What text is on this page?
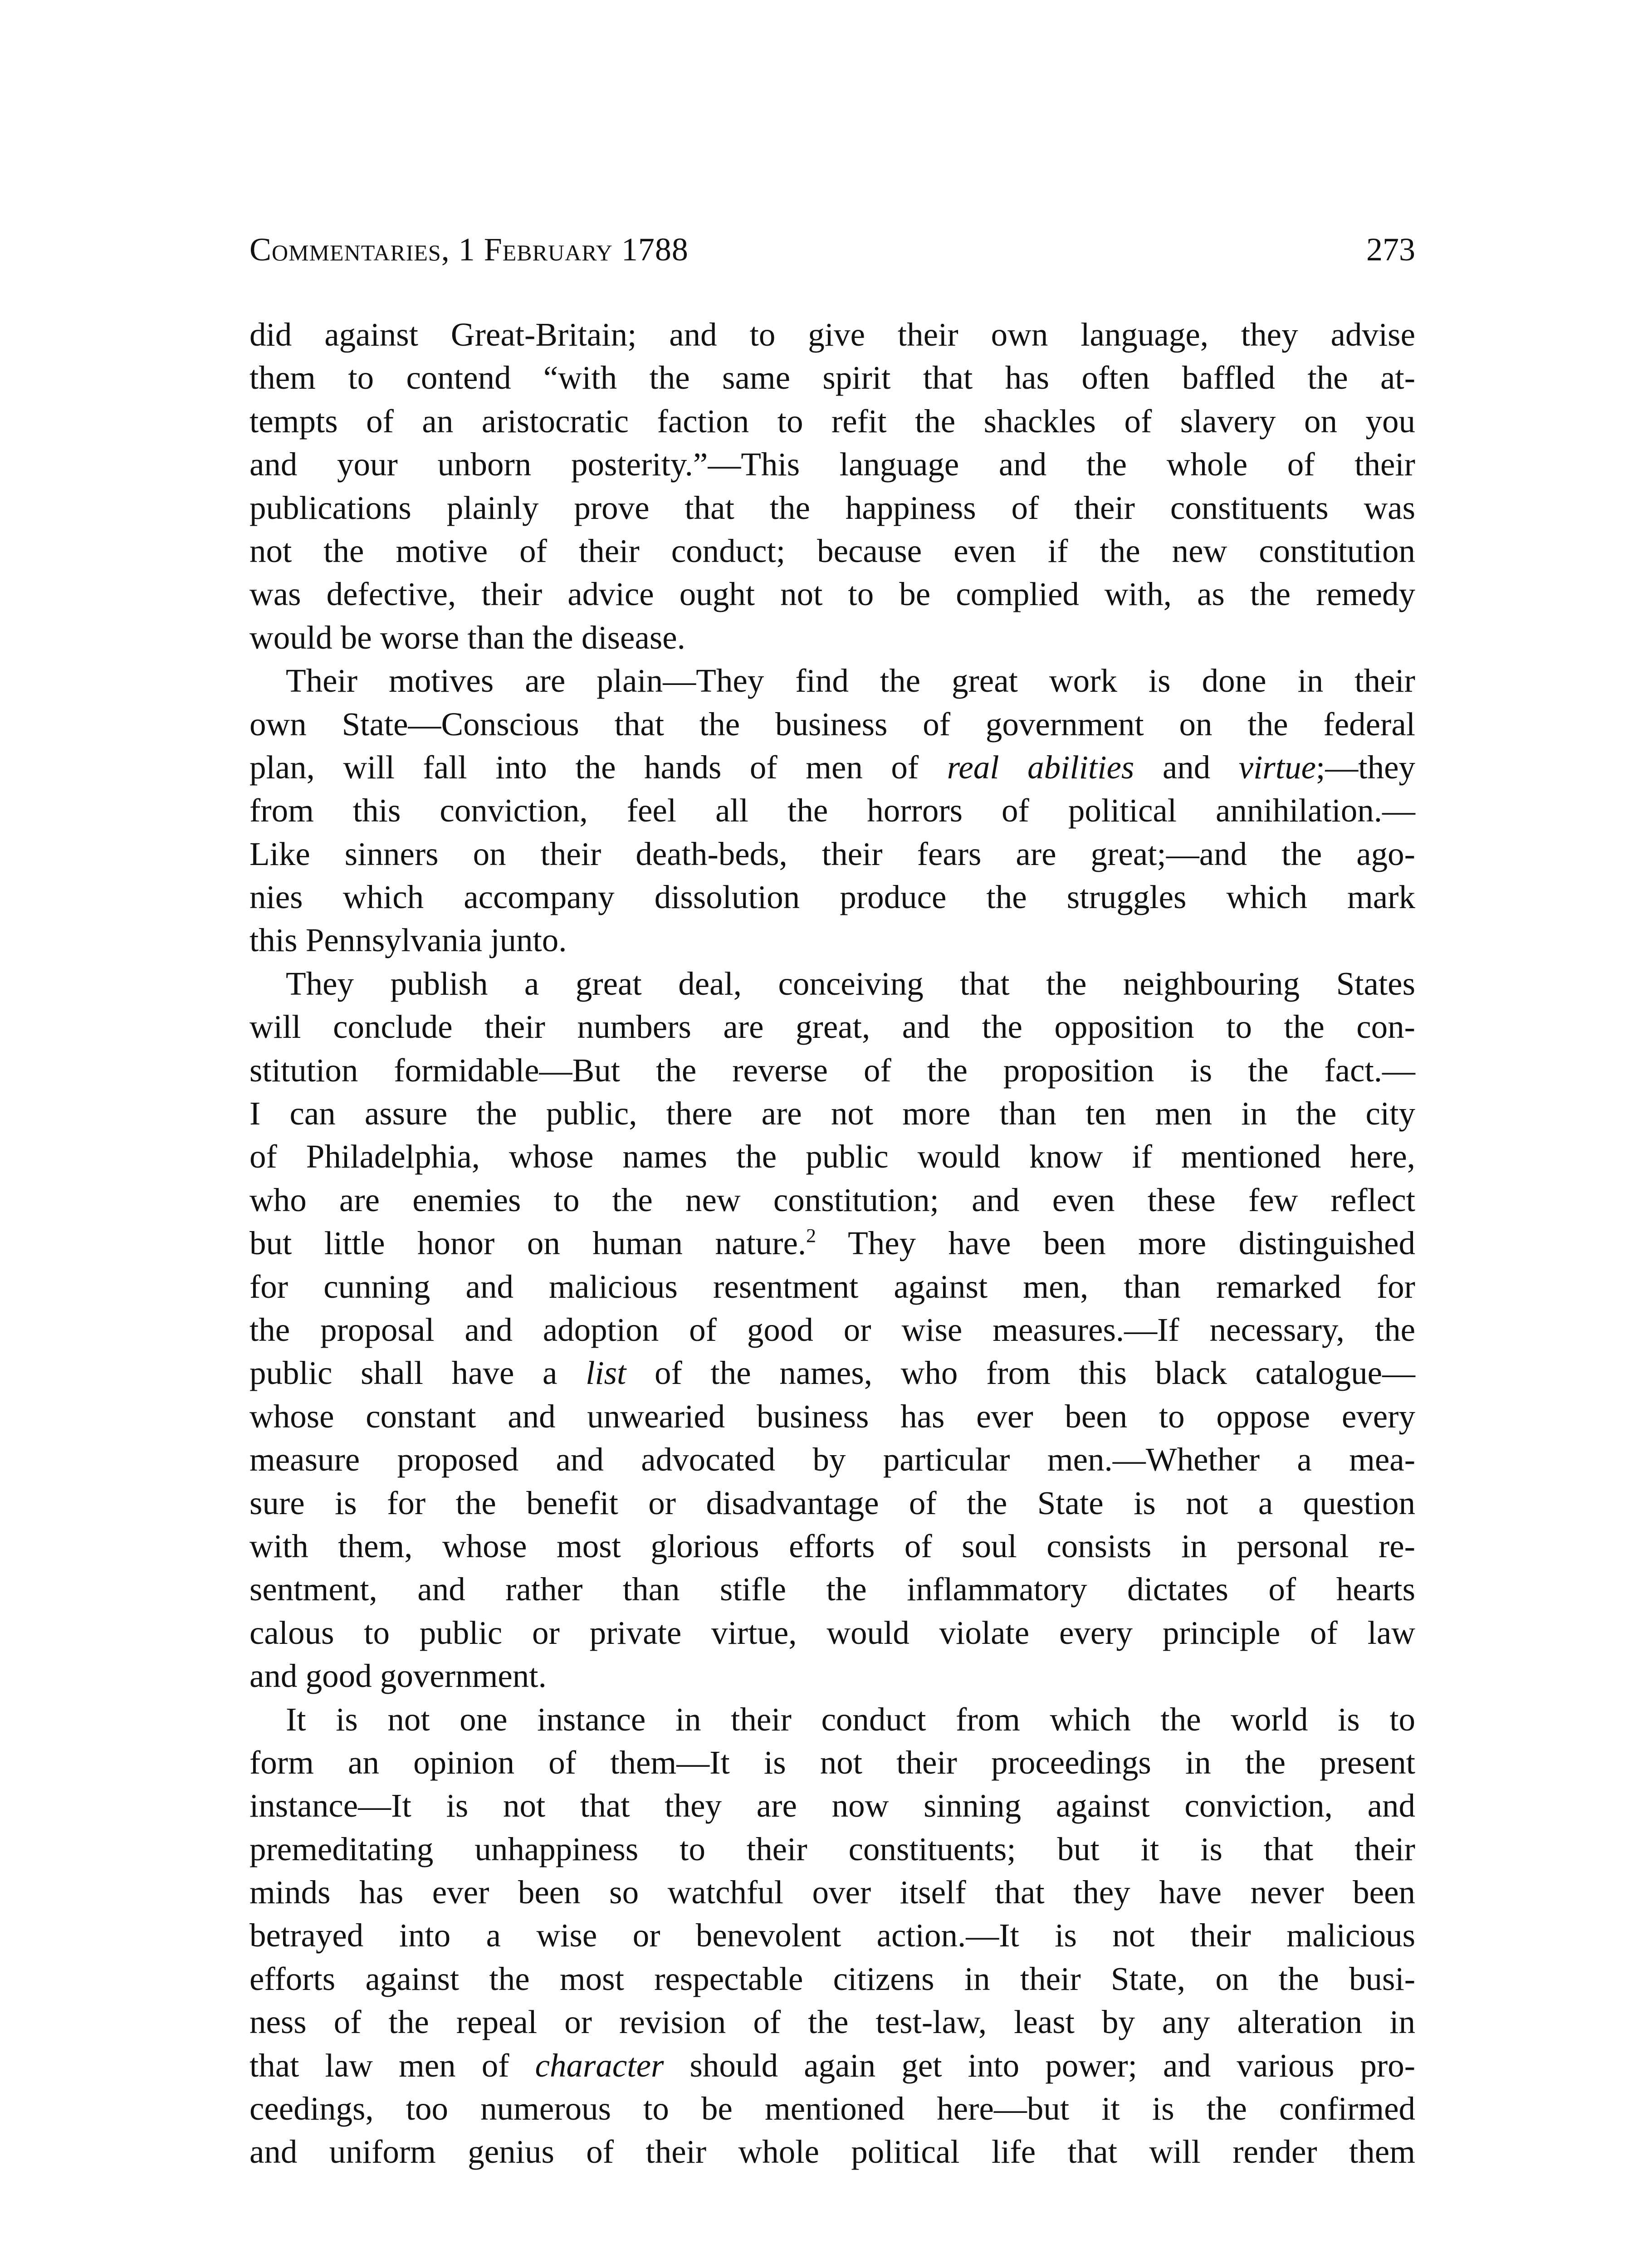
Commentaries, 1 February 1788	273
did against Great-Britain; and to give their own language, they advise
them to contend “with the same spirit that has often baffled the at-
tempts of an aristocratic faction to refit the shackles of slavery on you
and your unborn posterity.”—This language and the whole of their
publications plainly prove that the happiness of their constituents was
not the motive of their conduct; because even if the new constitution
was defective, their advice ought not to be complied with, as the remedy
would be worse than the disease.
Their motives are plain—They find the great work is done in their
own State—Conscious that the business of government on the federal
plan, will fall into the hands of men of real abilities and virtue;—they
from this conviction, feel all the horrors of political annihilation.—
Like sinners on their death-beds, their fears are great;—and the ago-
nies which accompany dissolution produce the struggles which mark
this Pennsylvania junto.
They publish a great deal, conceiving that the neighbouring States
will conclude their numbers are great, and the opposition to the con-
stitution formidable—But the reverse of the proposition is the fact.—
I can assure the public, there are not more than ten men in the city
of Philadelphia, whose names the public would know if mentioned here,
who are enemies to the new constitution; and even these few reflect
but little honor on human nature.$^2$ They have been more distinguished
for cunning and malicious resentment against men, than remarked for
the proposal and adoption of good or wise measures.—If necessary, the
public shall have a list of the names, who from this black catalogue—
whose constant and unwearied business has ever been to oppose every
measure proposed and advocated by particular men.—Whether a mea-
sure is for the benefit or disadvantage of the State is not a question
with them, whose most glorious efforts of soul consists in personal re-
sentment, and rather than stifle the inflammatory dictates of hearts
calous to public or private virtue, would violate every principle of law
and good government.
It is not one instance in their conduct from which the world is to
form an opinion of them—It is not their proceedings in the present
instance—It is not that they are now sinning against conviction, and
premeditating unhappiness to their constituents; but it is that their
minds has ever been so watchful over itself that they have never been
betrayed into a wise or benevolent action.—It is not their malicious
efforts against the most respectable citizens in their State, on the busi-
ness of the repeal or revision of the test-law, least by any alteration in
that law men of character should again get into power; and various pro-
ceedings, too numerous to be mentioned here—but it is the confirmed
and uniform genius of their whole political life that will render them
